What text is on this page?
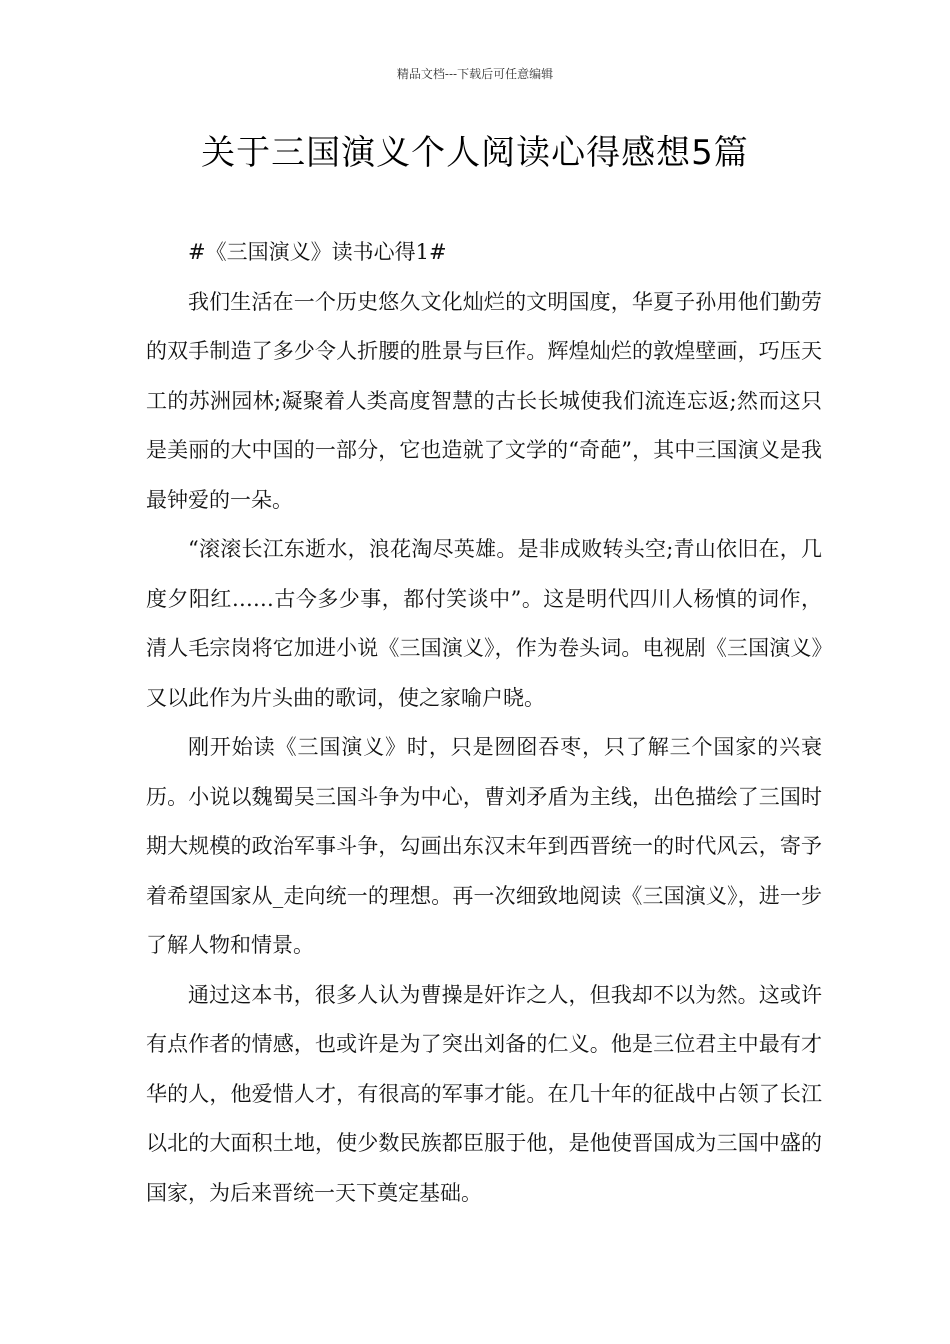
精品文档---下载后可任意编辑
关于三国演义个人阅读心得感想5篇

#《三国演义》读书心得1#

我们生活在一个历史悠久文化灿烂的文明国度，华夏子孙用他们勤劳的双手制造了多少令人折腰的胜景与巨作。辉煌灿烂的敦煌壁画，巧压天工的苏洲园林;凝聚着人类高度智慧的古长长城使我们流连忘返;然而这只是美丽的大中国的一部分，它也造就了文学的“奇葩”，其中三国演义是我最钟爱的一朵。

“滚滚长江东逝水，浪花淘尽英雄。是非成败转头空;青山依旧在，几度夕阳红……古今多少事，都付笑谈中”。这是明代四川人杨慎的词作，清人毛宗岗将它加进小说《三国演义》，作为卷头词。电视剧《三国演义》又以此作为片头曲的歌词，使之家喻户晓。

刚开始读《三国演义》时，只是囫囵吞枣，只了解三个国家的兴衰历。小说以魏蜀吴三国斗争为中心，曹刘矛盾为主线，出色描绘了三国时期大规模的政治军事斗争，勾画出东汉末年到西晋统一的时代风云，寄予着希望国家从_走向统一的理想。再一次细致地阅读《三国演义》，进一步了解人物和情景。

通过这本书，很多人认为曹操是奸诈之人，但我却不以为然。这或许有点作者的情感，也或许是为了突出刘备的仁义。他是三位君主中最有才华的人，他爱惜人才，有很高的军事才能。在几十年的征战中占领了长江以北的大面积土地，使少数民族都臣服于他，是他使晋国成为三国中盛的国家，为后来晋统一天下奠定基础。
